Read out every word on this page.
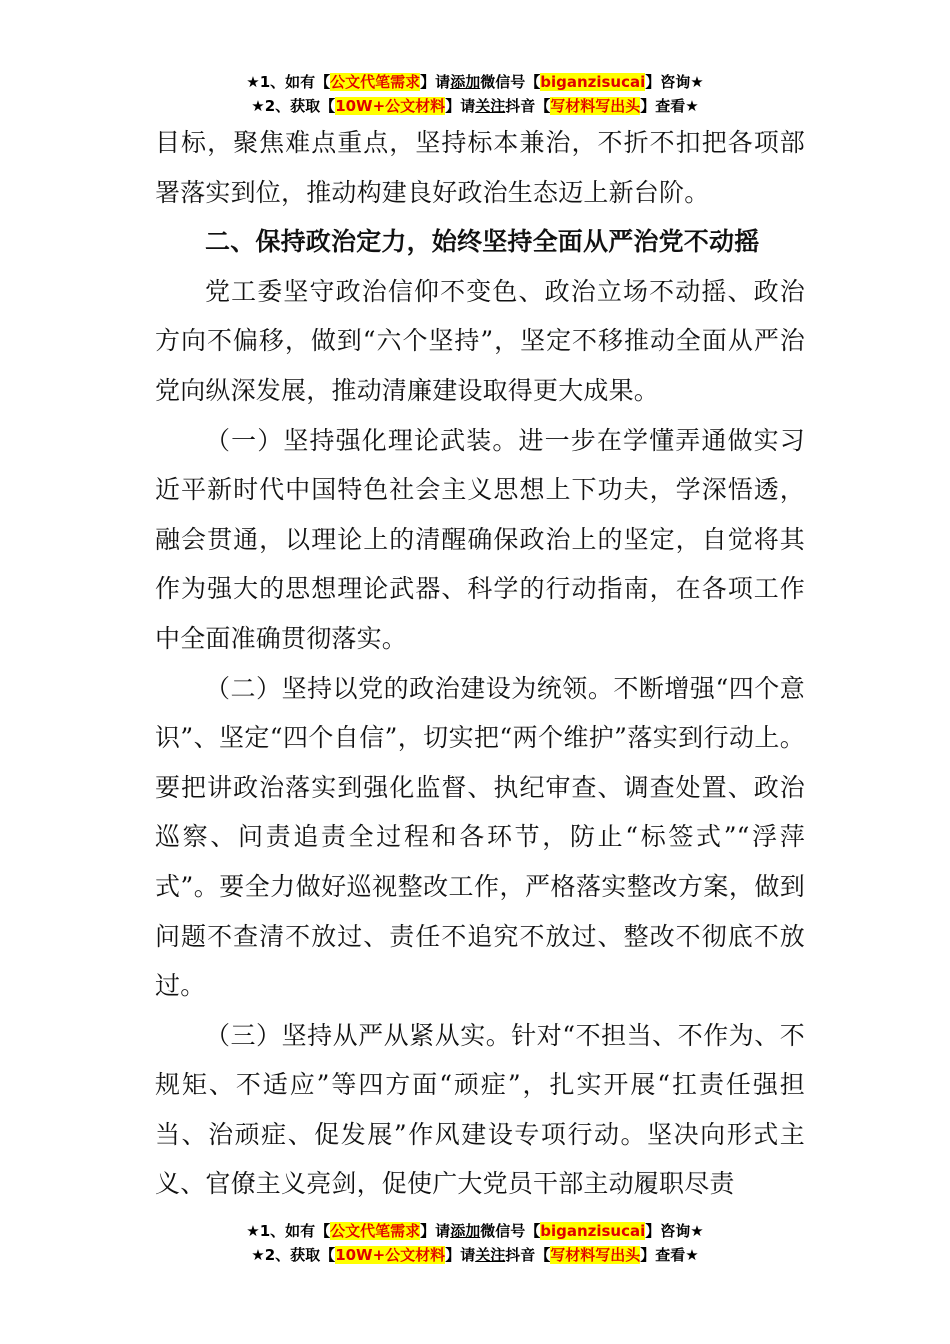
★1、如有【公文代笔需求】请添加微信号【biganzisucai】咨询★
★2、获取【10W+公文材料】请关注抖音【写材料写出头】查看★

目标，聚焦难点重点，坚持标本兼治，不折不扣把各项部署落实到位，推动构建良好政治生态迈上新台阶。

二、保持政治定力，始终坚持全面从严治党不动摇

党工委坚守政治信仰不变色、政治立场不动摇、政治方向不偏移，做到“六个坚持”，坚定不移推动全面从严治党向纵深发展，推动清廉建设取得更大成果。

（一）坚持强化理论武装。进一步在学懂弄通做实习近平新时代中国特色社会主义思想上下功夫，学深悟透，融会贯通，以理论上的清醒确保政治上的坚定，自觉将其作为强大的思想理论武器、科学的行动指南，在各项工作中全面准确贯彻落实。

（二）坚持以党的政治建设为统领。不断增强“四个意识”、坚定“四个自信”，切实把“两个维护”落实到行动上。要把讲政治落实到强化监督、执纪审查、调查处置、政治巡察、问责追责全过程和各环节，防止“标签式”“浮萍式”。要全力做好巡视整改工作，严格落实整改方案，做到问题不查清不放过、责任不追究不放过、整改不彻底不放过。

（三）坚持从严从紧从实。针对“不担当、不作为、不规矩、不适应”等四方面“顽症”，扎实开展“扛责任强担当、治顽症、促发展”作风建设专项行动。坚决向形式主义、官僚主义亮剑，促使广大党员干部主动履职尽责

★1、如有【公文代笔需求】请添加微信号【biganzisucai】咨询★
★2、获取【10W+公文材料】请关注抖音【写材料写出头】查看★
